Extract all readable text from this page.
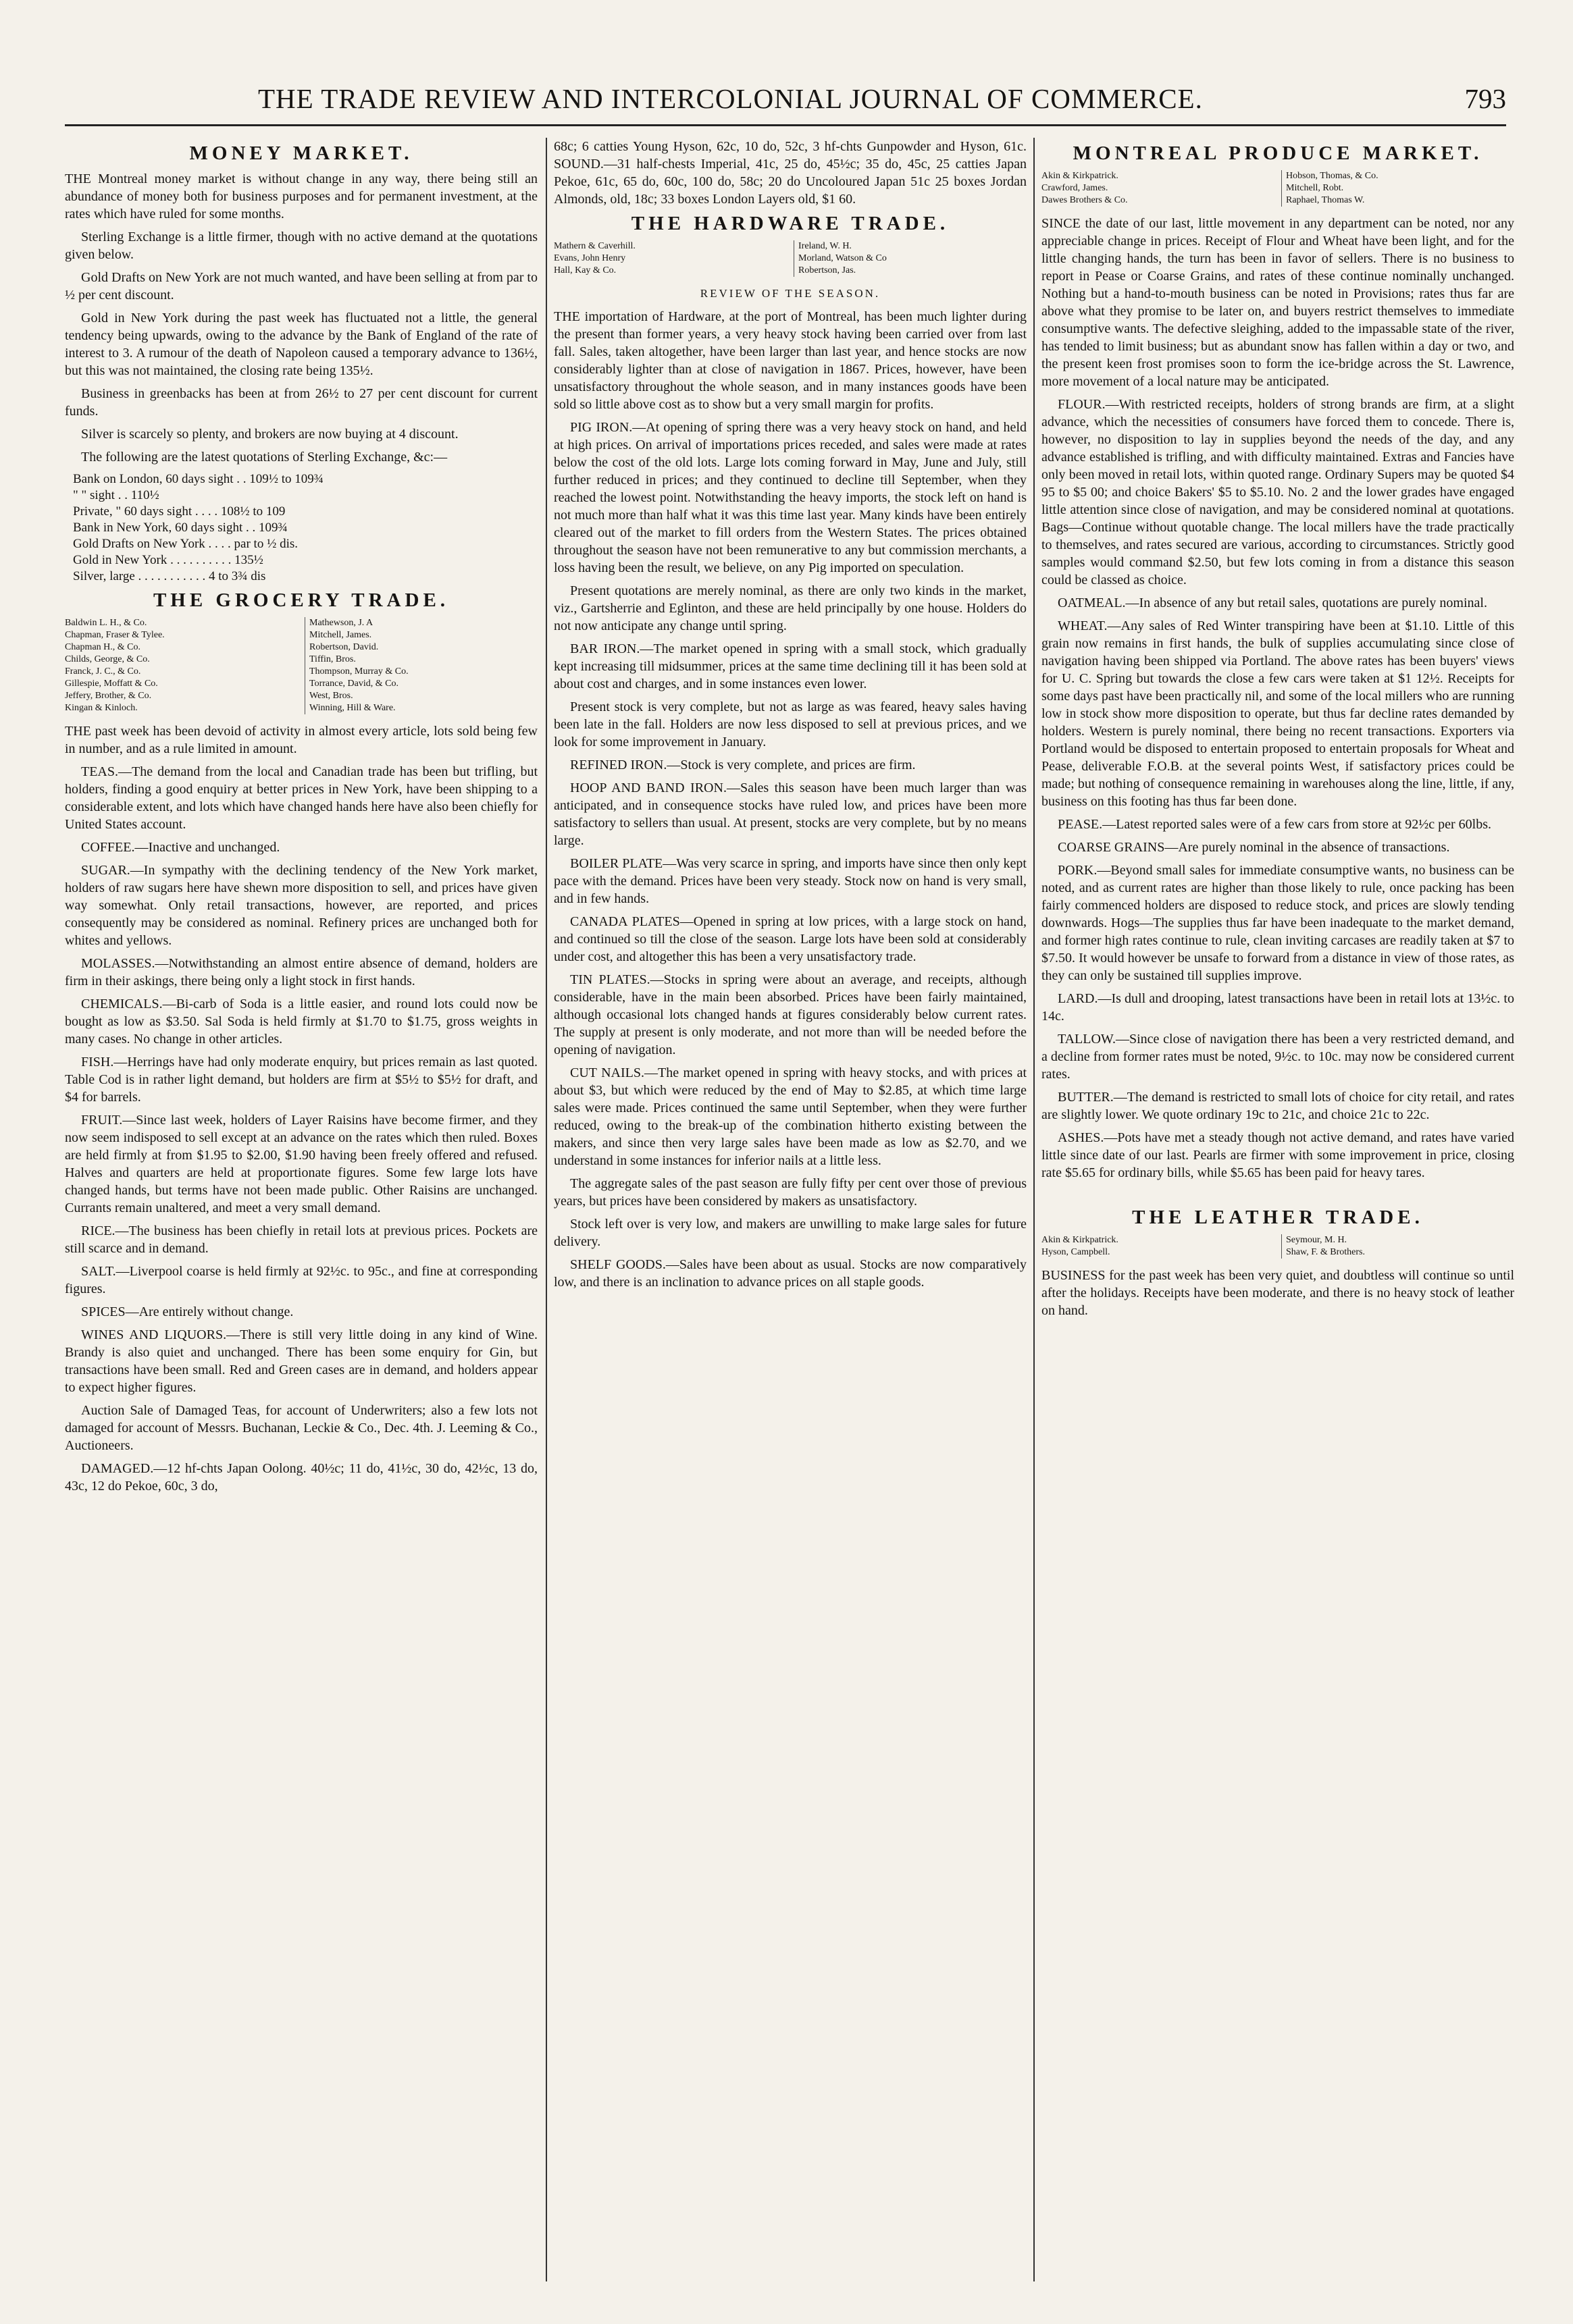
THE TRADE REVIEW AND INTERCOLONIAL JOURNAL OF COMMERCE.	793
MONEY MARKET.

THE Montreal money market is without change in any way, there being still an abundance of money both for business purposes and for permanent investment, at the rates which have ruled for some months.

Sterling Exchange is a little firmer, though with no active demand at the quotations given below.

Gold Drafts on New York are not much wanted, and have been selling at from par to ½ per cent discount.

Gold in New York during the past week has fluctuated not a little, the general tendency being upwards, owing to the advance by the Bank of England of the rate of interest to 3. A rumour of the death of Napoleon caused a temporary advance to 136½, but this was not maintained, the closing rate being 135½.

Business in greenbacks has been at from 26½ to 27 per cent discount for current funds.

Silver is scarcely so plenty, and brokers are now buying at 4 discount.

The following are the latest quotations of Sterling Exchange, &c:—

Bank on London, 60 days sight . . 109½ to 109¾
" " sight . . 110½
Private, " 60 days sight . . . . 108½ to 109
Bank in New York, 60 days sight . . 109¾
Gold Drafts on New York . . . . par to ½ dis.
Gold in New York . . . . . . . . . . 135½
Silver, large . . . . . . . . . . . 4 to 3¾ dis
THE GROCERY TRADE.
Baldwin L. H., & Co.	Mathewson, J. A
Chapman, Fraser & Tylee.	Mitchell, James.
Chapman H., & Co.	Robertson, David.
Childs, George, & Co.	Tiffin, Bros.
Franck, J. C., & Co.	Thompson, Murray & Co.
Gillespie, Moffatt & Co.	Torrance, David, & Co.
Jeffery, Brother, & Co.	West, Bros.
Kingan & Kinloch.	Winning, Hill & Ware.

THE past week has been devoid of activity in almost every article, lots sold being few in number, and as a rule limited in amount.

TEAS.—The demand from the local and Canadian trade has been but trifling, but holders, finding a good enquiry at better prices in New York, have been shipping to a considerable extent, and lots which have changed hands here have also been chiefly for United States account.

COFFEE.—Inactive and unchanged.

SUGAR.—In sympathy with the declining tendency of the New York market, holders of raw sugars here have shewn more disposition to sell, and prices have given way somewhat. Only retail transactions, however, are reported, and prices consequently may be considered as nominal. Refinery prices are unchanged both for whites and yellows.

MOLASSES.—Notwithstanding an almost entire absence of demand, holders are firm in their askings, there being only a light stock in first hands.

CHEMICALS.—Bi-carb of Soda is a little easier, and round lots could now be bought as low as $3.50. Sal Soda is held firmly at $1.70 to $1.75, gross weights in many cases. No change in other articles.

FISH.—Herrings have had only moderate enquiry, but prices remain as last quoted. Table Cod is in rather light demand, but holders are firm at $5½ to $5½ for draft, and $4 for barrels.

FRUIT.—Since last week, holders of Layer Raisins have become firmer, and they now seem indisposed to sell except at an advance on the rates which then ruled. Boxes are held firmly at from $1.95 to $2.00, $1.90 having been freely offered and refused. Halves and quarters are held at proportionate figures. Some few large lots have changed hands, but terms have not been made public. Other Raisins are unchanged. Currants remain unaltered, and meet a very small demand.

RICE.—The business has been chiefly in retail lots at previous prices. Pockets are still scarce and in demand.

SALT.—Liverpool coarse is held firmly at 92½c. to 95c., and fine at corresponding figures.

SPICES—Are entirely without change.

WINES AND LIQUORS.—There is still very little doing in any kind of Wine. Brandy is also quiet and unchanged. There has been some enquiry for Gin, but transactions have been small. Red and Green cases are in demand, and holders appear to expect higher figures.

Auction Sale of Damaged Teas, for account of Underwriters; also a few lots not damaged for account of Messrs. Buchanan, Leckie & Co., Dec. 4th. J. Leeming & Co., Auctioneers.

DAMAGED.—12 hf-chts Japan Oolong. 40½c; 11 do, 41½c, 30 do, 42½c, 13 do, 43c, 12 do Pekoe, 60c, 3 do,

68c; 6 catties Young Hyson, 62c, 10 do, 52c, 3 hf-chts Gunpowder and Hyson, 61c. SOUND.—31 half-chests Imperial, 41c, 25 do, 45½c; 35 do, 45c, 25 catties Japan Pekoe, 61c, 65 do, 60c, 100 do, 58c; 20 do Uncoloured Japan 51c 25 boxes Jordan Almonds, old, 18c; 33 boxes London Layers old, $1 60.

THE HARDWARE TRADE.
Mathern & Caverhill.	Ireland, W. H.
Evans, John Henry	Morland, Watson & Co
Hall, Kay & Co.	Robertson, Jas.
REVIEW OF THE SEASON.

THE importation of Hardware, at the port of Montreal, has been much lighter during the present than former years, a very heavy stock having been carried over from last fall. Sales, taken altogether, have been larger than last year, and hence stocks are now considerably lighter than at close of navigation in 1867. Prices, however, have been unsatisfactory throughout the whole season, and in many instances goods have been sold so little above cost as to show but a very small margin for profits.

PIG IRON.—At opening of spring there was a very heavy stock on hand, and held at high prices. On arrival of importations prices receded, and sales were made at rates below the cost of the old lots. Large lots coming forward in May, June and July, still further reduced in prices; and they continued to decline till September, when they reached the lowest point. Notwithstanding the heavy imports, the stock left on hand is not much more than half what it was this time last year. Many kinds have been entirely cleared out of the market to fill orders from the Western States. The prices obtained throughout the season have not been remunerative to any but commission merchants, a loss having been the result, we believe, on any Pig imported on speculation.

Present quotations are merely nominal, as there are only two kinds in the market, viz., Gartsherrie and Eglinton, and these are held principally by one house. Holders do not now anticipate any change until spring.

BAR IRON.—The market opened in spring with a small stock, which gradually kept increasing till midsummer, prices at the same time declining till it has been sold at about cost and charges, and in some instances even lower.

Present stock is very complete, but not as large as was feared, heavy sales having been late in the fall. Holders are now less disposed to sell at previous prices, and we look for some improvement in January.

REFINED IRON.—Stock is very complete, and prices are firm.

HOOP AND BAND IRON.—Sales this season have been much larger than was anticipated, and in consequence stocks have ruled low, and prices have been more satisfactory to sellers than usual. At present, stocks are very complete, but by no means large.

BOILER PLATE—Was very scarce in spring, and imports have since then only kept pace with the demand. Prices have been very steady. Stock now on hand is very small, and in few hands.

CANADA PLATES—Opened in spring at low prices, with a large stock on hand, and continued so till the close of the season. Large lots have been sold at considerably under cost, and altogether this has been a very unsatisfactory trade.

TIN PLATES.—Stocks in spring were about an average, and receipts, although considerable, have in the main been absorbed. Prices have been fairly maintained, although occasional lots changed hands at figures considerably below current rates. The supply at present is only moderate, and not more than will be needed before the opening of navigation.

CUT NAILS.—The market opened in spring with heavy stocks, and with prices at about $3, but which were reduced by the end of May to $2.85, at which time large sales were made. Prices continued the same until September, when they were further reduced, owing to the break-up of the combination hitherto existing between the makers, and since then very large sales have been made as low as $2.70, and we understand in some instances for inferior nails at a little less.

The aggregate sales of the past season are fully fifty per cent over those of previous years, but prices have been considered by makers as unsatisfactory.

Stock left over is very low, and makers are unwilling to make large sales for future delivery.

SHELF GOODS.—Sales have been about as usual. Stocks are now comparatively low, and there is an inclination to advance prices on all staple goods.

MONTREAL PRODUCE MARKET.
Akin & Kirkpatrick.	Hobson, Thomas, & Co.
Crawford, James.	Mitchell, Robt.
Dawes Brothers & Co.	Raphael, Thomas W.

SINCE the date of our last, little movement in any department can be noted, nor any appreciable change in prices. Receipt of Flour and Wheat have been light, and for the little changing hands, the turn has been in favor of sellers. There is no business to report in Pease or Coarse Grains, and rates of these continue nominally unchanged. Nothing but a hand-to-mouth business can be noted in Provisions; rates thus far are above what they promise to be later on, and buyers restrict themselves to immediate consumptive wants. The defective sleighing, added to the impassable state of the river, has tended to limit business; but as abundant snow has fallen within a day or two, and the present keen frost promises soon to form the ice-bridge across the St. Lawrence, more movement of a local nature may be anticipated.

FLOUR.—With restricted receipts, holders of strong brands are firm, at a slight advance, which the necessities of consumers have forced them to concede. There is, however, no disposition to lay in supplies beyond the needs of the day, and any advance established is trifling, and with difficulty maintained. Extras and Fancies have only been moved in retail lots, within quoted range. Ordinary Supers may be quoted $4 95 to $5 00; and choice Bakers' $5 to $5.10. No. 2 and the lower grades have engaged little attention since close of navigation, and may be considered nominal at quotations. Bags—Continue without quotable change. The local millers have the trade practically to themselves, and rates secured are various, according to circumstances. Strictly good samples would command $2.50, but few lots coming in from a distance this season could be classed as choice.

OATMEAL.—In absence of any but retail sales, quotations are purely nominal.

WHEAT.—Any sales of Red Winter transpiring have been at $1.10. Little of this grain now remains in first hands, the bulk of supplies accumulating since close of navigation having been shipped via Portland. The above rates has been buyers' views for U. C. Spring but towards the close a few cars were taken at $1 12½. Receipts for some days past have been practically nil, and some of the local millers who are running low in stock show more disposition to operate, but thus far decline rates demanded by holders. Western is purely nominal, there being no recent transactions. Exporters via Portland would be disposed to entertain proposed to entertain proposals for Wheat and Pease, deliverable F.O.B. at the several points West, if satisfactory prices could be made; but nothing of consequence remaining in warehouses along the line, little, if any, business on this footing has thus far been done.

PEASE.—Latest reported sales were of a few cars from store at 92½c per 60lbs.

COARSE GRAINS—Are purely nominal in the absence of transactions.

PORK.—Beyond small sales for immediate consumptive wants, no business can be noted, and as current rates are higher than those likely to rule, once packing has been fairly commenced holders are disposed to reduce stock, and prices are slowly tending downwards. Hogs—The supplies thus far have been inadequate to the market demand, and former high rates continue to rule, clean inviting carcases are readily taken at $7 to $7.50. It would however be unsafe to forward from a distance in view of those rates, as they can only be sustained till supplies improve.

LARD.—Is dull and drooping, latest transactions have been in retail lots at 13½c. to 14c.

TALLOW.—Since close of navigation there has been a very restricted demand, and a decline from former rates must be noted, 9½c. to 10c. may now be considered current rates.

BUTTER.—The demand is restricted to small lots of choice for city retail, and rates are slightly lower. We quote ordinary 19c to 21c, and choice 21c to 22c.

ASHES.—Pots have met a steady though not active demand, and rates have varied little since date of our last. Pearls are firmer with some improvement in price, closing rate $5.65 for ordinary bills, while $5.65 has been paid for heavy tares.

THE LEATHER TRADE.
Akin & Kirkpatrick.	Seymour, M. H.
Hyson, Campbell.	Shaw, F. & Brothers.

BUSINESS for the past week has been very quiet, and doubtless will continue so until after the holidays. Receipts have been moderate, and there is no heavy stock of leather on hand.
